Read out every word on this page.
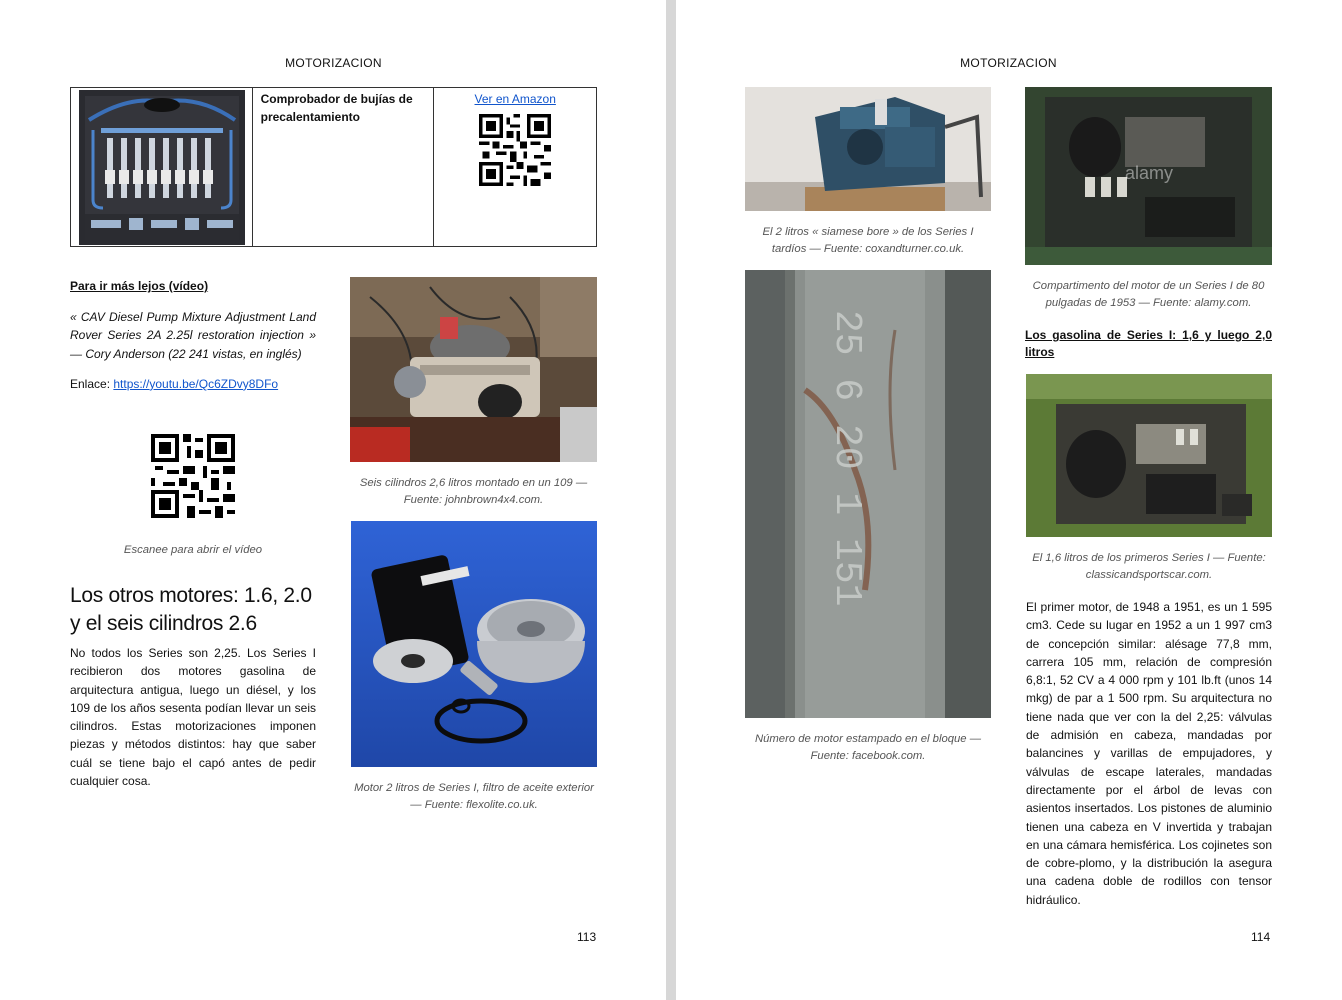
MOTORIZACION

Comprobador de bujías de precalentamiento
	Ver en Amazon
Para ir más lejos (vídeo)

« CAV Diesel Pump Mixture Adjustment Land Rover Series 2A 2.25l restoration injection » — Cory Anderson (22 241 vistas, en inglés)

Enlace: https://youtu.be/Qc6ZDvy8DFo

Escanee para abrir el vídeo

Los otros motores: 1.6, 2.0 y el seis cilindros 2.6

No todos los Series son 2,25. Los Series I recibieron dos motores gasolina de arquitectura antigua, luego un diésel, y los 109 de los años sesenta podían llevar un seis cilindros. Estas motorizaciones imponen piezas y métodos distintos: hay que saber cuál se tiene bajo el capó antes de pedir cualquier cosa.

Seis cilindros 2,6 litros montado en un 109 — Fuente: johnbrown4x4.com.

Motor 2 litros de Series I, filtro de aceite exterior — Fuente: flexolite.co.uk.

113
MOTORIZACION

El 2 litros « siamese bore » de los Series I tardíos — Fuente: coxandturner.co.uk.

25 6 20 1 151

Número de motor estampado en el bloque — Fuente: facebook.com.

alamy

Compartimento del motor de un Series I de 80 pulgadas de 1953 — Fuente: alamy.com.

Los gasolina de Series I: 1,6 y luego 2,0 litros

El 1,6 litros de los primeros Series I — Fuente: classicandsportscar.com.

El primer motor, de 1948 a 1951, es un 1 595 cm3. Cede su lugar en 1952 a un 1 997 cm3 de concepción similar: alésage 77,8 mm, carrera 105 mm, relación de compresión 6,8:1, 52 CV a 4 000 rpm y 101 lb.ft (unos 14 mkg) de par a 1 500 rpm. Su arquitectura no tiene nada que ver con la del 2,25: válvulas de admisión en cabeza, mandadas por balancines y varillas de empujadores, y válvulas de escape laterales, mandadas directamente por el árbol de levas con asientos insertados. Los pistones de aluminio tienen una cabeza en V invertida y trabajan en una cámara hemisférica. Los cojinetes son de cobre-plomo, y la distribución la asegura una cadena doble de rodillos con tensor hidráulico.

114
